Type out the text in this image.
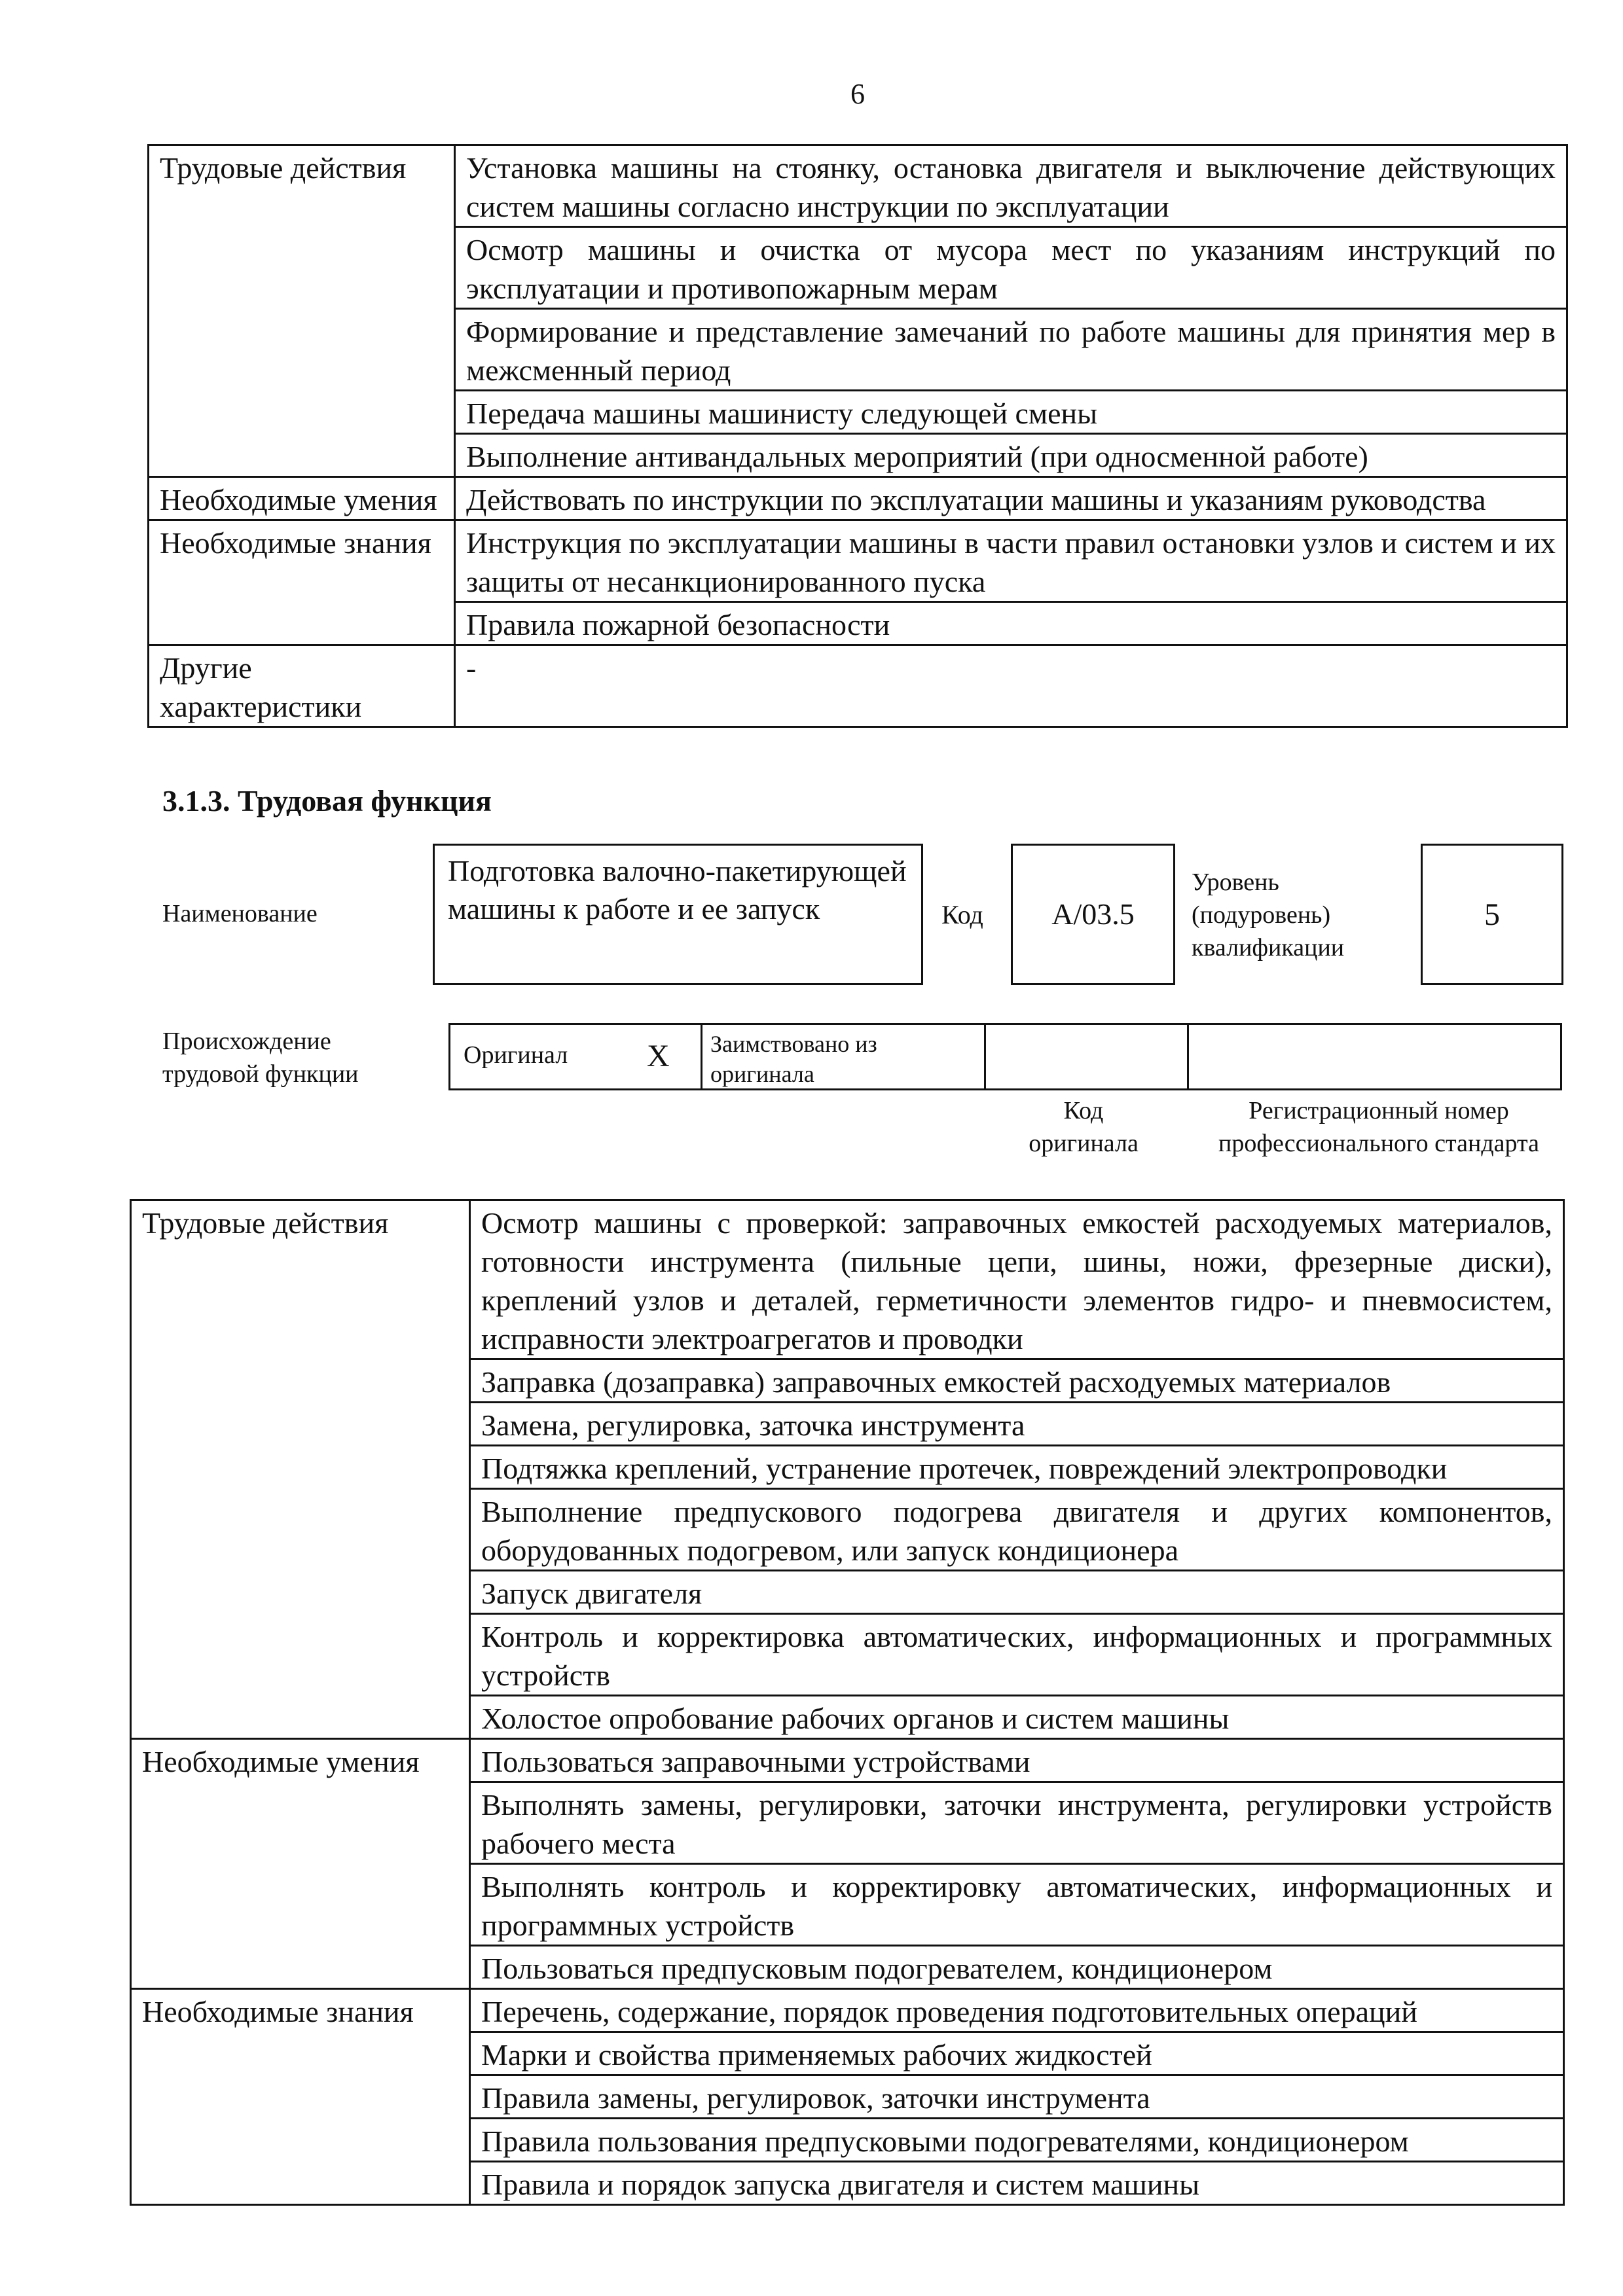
6
Трудовые действия	Установка машины на стоянку, остановка двигателя и выключение действующих систем машины согласно инструкции по эксплуатации
	Осмотр машины и очистка от мусора мест по указаниям инструкций по эксплуатации и противопожарным мерам
	Формирование и представление замечаний по работе машины для принятия мер в межсменный период
	Передача машины машинисту следующей смены
	Выполнение антивандальных мероприятий (при односменной работе)
Необходимые умения	Действовать по инструкции по эксплуатации машины и указаниям руководства
Необходимые знания	Инструкция по эксплуатации машины в части правил остановки узлов и систем и их защиты от несанкционированного пуска
	Правила пожарной безопасности
Другие характеристики	-
3.1.3. Трудовая функция
Наименование
Подготовка валочно-пакетирующей машины к работе и ее запуск	Код	A/03.5
Уровень (подуровень) квалификации
5
Происхождение трудовой функции
Оригинал	X Заимствовано из оригинала
Код оригинала
Регистрационный номер профессионального стандарта
Трудовые действия	Осмотр машины с проверкой: заправочных емкостей расходуемых материалов, готовности инструмента (пильные цепи, шины, ножи, фрезерные диски), креплений узлов и деталей, герметичности элементов гидро- и пневмосистем, исправности электроагрегатов и проводки
	Заправка (дозаправка) заправочных емкостей расходуемых материалов
	Замена, регулировка, заточка инструмента
	Подтяжка креплений, устранение протечек, повреждений электропроводки
	Выполнение предпускового подогрева двигателя и других компонентов, оборудованных подогревом, или запуск кондиционера
	Запуск двигателя
	Контроль и корректировка автоматических, информационных и программных устройств
	Холостое опробование рабочих органов и систем машины
Необходимые умения	Пользоваться заправочными устройствами
	Выполнять замены, регулировки, заточки инструмента, регулировки устройств рабочего места
	Выполнять контроль и корректировку автоматических, информационных и программных устройств
	Пользоваться предпусковым подогревателем, кондиционером
Необходимые знания	Перечень, содержание, порядок проведения подготовительных операций
	Марки и свойства применяемых рабочих жидкостей
	Правила замены, регулировок, заточки инструмента
	Правила пользования предпусковыми подогревателями, кондиционером
	Правила и порядок запуска двигателя и систем машины
